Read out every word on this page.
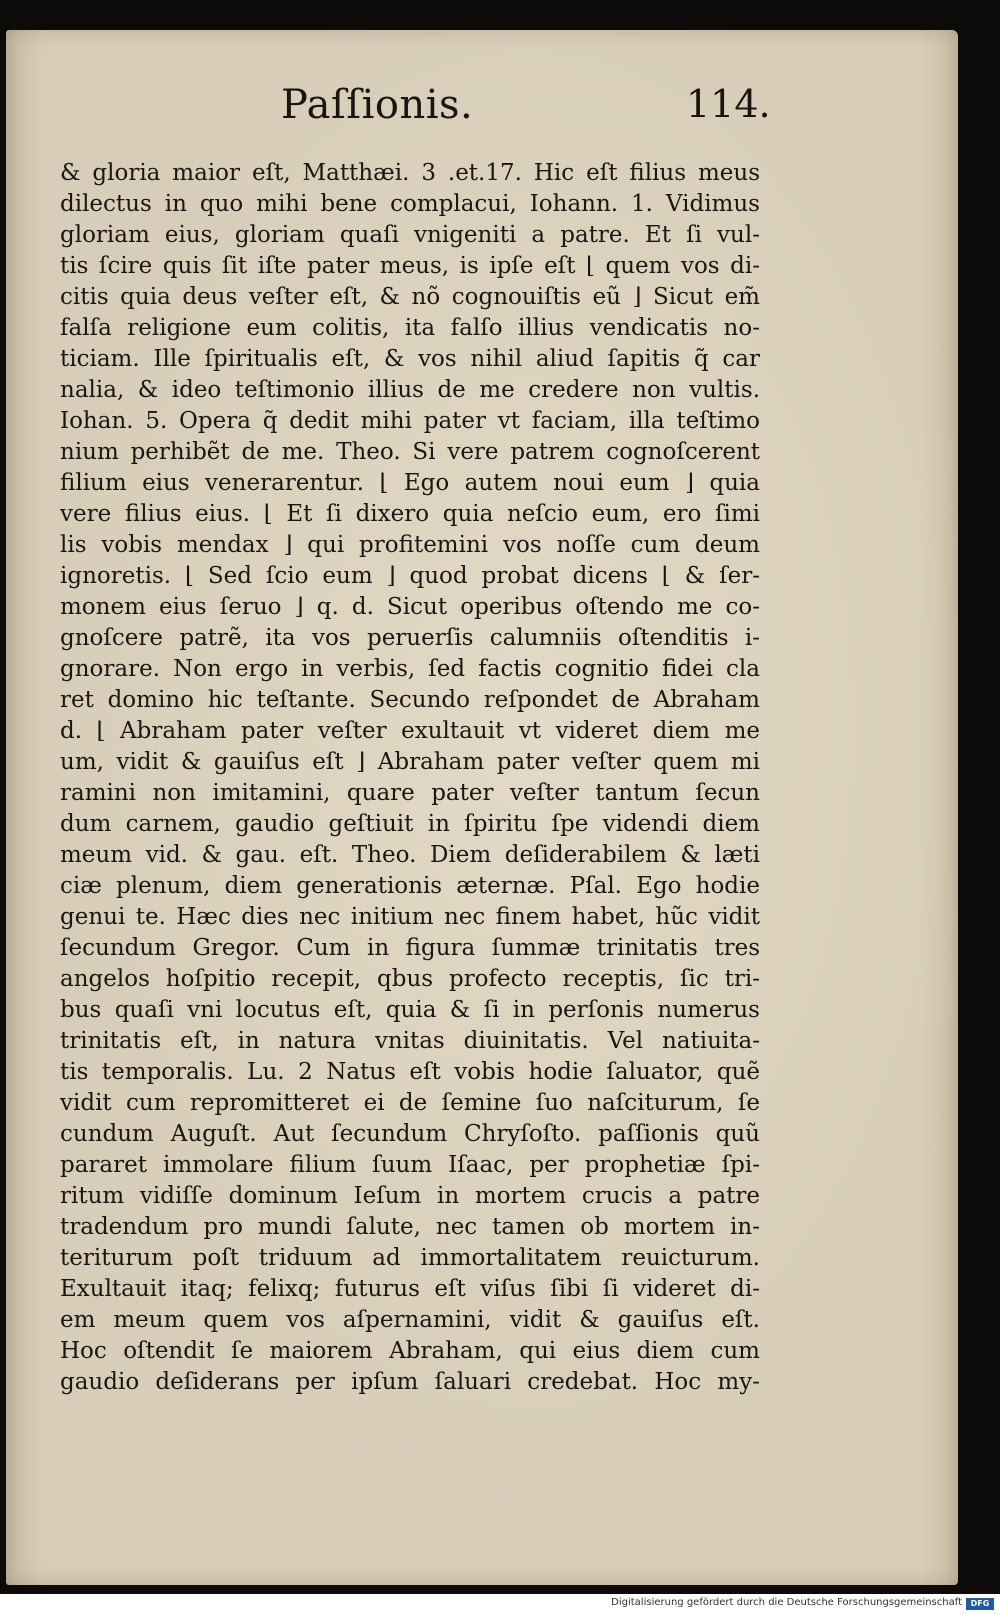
Paſſionis.	114.
& gloria maior eſt, Matthæi. 3 .et.17. Hic eſt filius meus
dilectus in quo mihi bene complacui, Iohann. 1. Vidimus
gloriam eius, gloriam quaſi vnigeniti a patre. Et ſi vul-
tis ſcire quis ſit iſte pater meus, is ipſe eſt ⌊ quem vos di-
citis quia deus veſter eſt, & nõ cognouiſtis eũ ⌋ Sicut em̃
falſa religione eum colitis, ita falſo illius vendicatis no-
ticiam. Ille ſpiritualis eſt, & vos nihil aliud ſapitis q̃ car
nalia, & ideo teſtimonio illius de me credere non vultis.
Iohan. 5. Opera q̃ dedit mihi pater vt faciam, illa teſtimo
nium perhibẽt de me. Theo. Si vere patrem cognoſcerent
filium eius venerarentur. ⌊ Ego autem noui eum ⌋ quia
vere filius eius. ⌊ Et ſi dixero quia neſcio eum, ero ſimi
lis vobis mendax ⌋ qui profitemini vos noſſe cum deum
ignoretis. ⌊ Sed ſcio eum ⌋ quod probat dicens ⌊ & ſer-
monem eius ſeruo ⌋ q. d. Sicut operibus oſtendo me co-
gnoſcere patrẽ, ita vos peruerſis calumniis oſtenditis i-
gnorare. Non ergo in verbis, ſed factis cognitio fidei cla
ret domino hic teſtante. Secundo reſpondet de Abraham
d. ⌊ Abraham pater veſter exultauit vt videret diem me
um, vidit & gauiſus eſt ⌋ Abraham pater veſter quem mi
ramini non imitamini, quare pater veſter tantum ſecun
dum carnem, gaudio geſtiuit in ſpiritu ſpe videndi diem
meum vid. & gau. eſt. Theo. Diem deſiderabilem & læti
ciæ plenum, diem generationis æternæ. Pſal. Ego hodie
genui te. Hæc dies nec initium nec finem habet, hũc vidit
ſecundum Gregor. Cum in figura ſummæ trinitatis tres
angelos hoſpitio recepit, qbus profecto receptis, ſic tri-
bus quaſi vni locutus eſt, quia & ſi in perſonis numerus
trinitatis eſt, in natura vnitas diuinitatis. Vel natiuita-
tis temporalis. Lu. 2 Natus eſt vobis hodie ſaluator, quẽ
vidit cum repromitteret ei de ſemine ſuo naſciturum, ſe
cundum Auguſt. Aut ſecundum Chryſoſto. paſſionis quũ
pararet immolare filium ſuum Iſaac, per prophetiæ ſpi-
ritum vidiſſe dominum Ieſum in mortem crucis a patre
tradendum pro mundi ſalute, nec tamen ob mortem in-
teriturum poſt triduum ad immortalitatem reuicturum.
Exultauit itaq; felixq; futurus eſt viſus ſibi ſi videret di-
em meum quem vos aſpernamini, vidit & gauiſus eſt.
Hoc oſtendit ſe maiorem Abraham, qui eius diem cum
gaudio deſiderans per ipſum ſaluari credebat. Hoc my-
Digitalisierung gefördert durch die Deutsche Forschungsgemeinschaft	DFG
